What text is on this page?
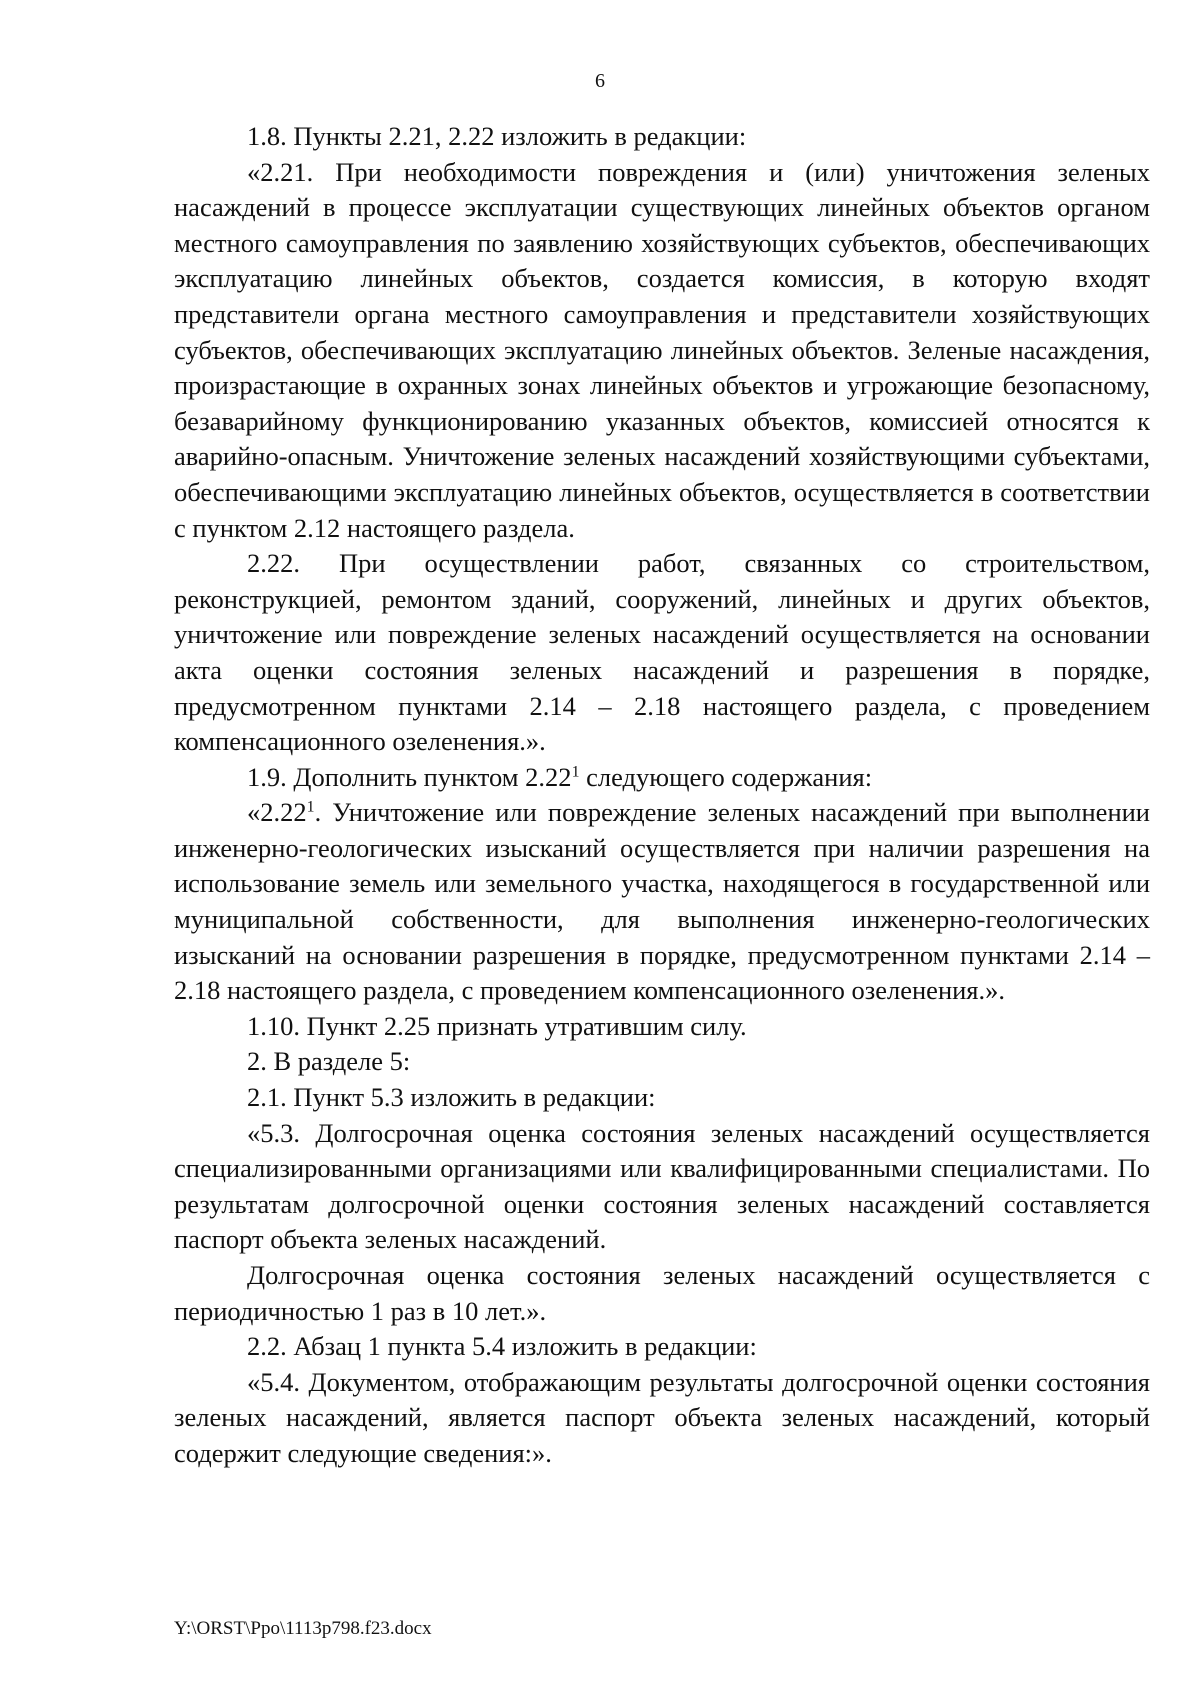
6

1.8. Пункты 2.21, 2.22 изложить в редакции:

«2.21. При необходимости повреждения и (или) уничтожения зеленых насаждений в процессе эксплуатации существующих линейных объектов органом местного самоуправления по заявлению хозяйствующих субъектов, обеспечивающих эксплуатацию линейных объектов, создается комиссия, в которую входят представители органа местного самоуправления и представители хозяйствующих субъектов, обеспечивающих эксплуатацию линейных объектов. Зеленые насаждения, произрастающие в охранных зонах линейных объектов и угрожающие безопасному, безаварийному функционированию указанных объектов, комиссией относятся к аварийно-опасным. Уничтожение зеленых насаждений хозяйствующими субъектами, обеспечивающими эксплуатацию линейных объектов, осуществляется в соответствии с пунктом 2.12 настоящего раздела.

2.22. При осуществлении работ, связанных со строительством, реконструкцией, ремонтом зданий, сооружений, линейных и других объектов, уничтожение или повреждение зеленых насаждений осуществляется на основании акта оценки состояния зеленых насаждений и разрешения в порядке, предусмотренном пунктами 2.14 – 2.18 настоящего раздела, с проведением компенсационного озеленения.».

1.9. Дополнить пунктом 2.22$^1$ следующего содержания:

«2.22$^1$. Уничтожение или повреждение зеленых насаждений при выполнении инженерно-геологических изысканий осуществляется при наличии разрешения на использование земель или земельного участка, находящегося в государственной или муниципальной собственности, для выполнения инженерно-геологических изысканий на основании разрешения в порядке, предусмотренном пунктами 2.14 – 2.18 настоящего раздела, с проведением компенсационного озеленения.».

1.10. Пункт 2.25 признать утратившим силу.

2. В разделе 5:

2.1. Пункт 5.3 изложить в редакции:

«5.3. Долгосрочная оценка состояния зеленых насаждений осуществляется специализированными организациями или квалифицированными специалистами. По результатам долгосрочной оценки состояния зеленых насаждений составляется паспорт объекта зеленых насаждений.

Долгосрочная оценка состояния зеленых насаждений осуществляется с периодичностью 1 раз в 10 лет.».

2.2. Абзац 1 пункта 5.4 изложить в редакции:

«5.4. Документом, отображающим результаты долгосрочной оценки состояния зеленых насаждений, является паспорт объекта зеленых насаждений, который содержит следующие сведения:».

Y:\ORST\Ppo\1113p798.f23.docx
